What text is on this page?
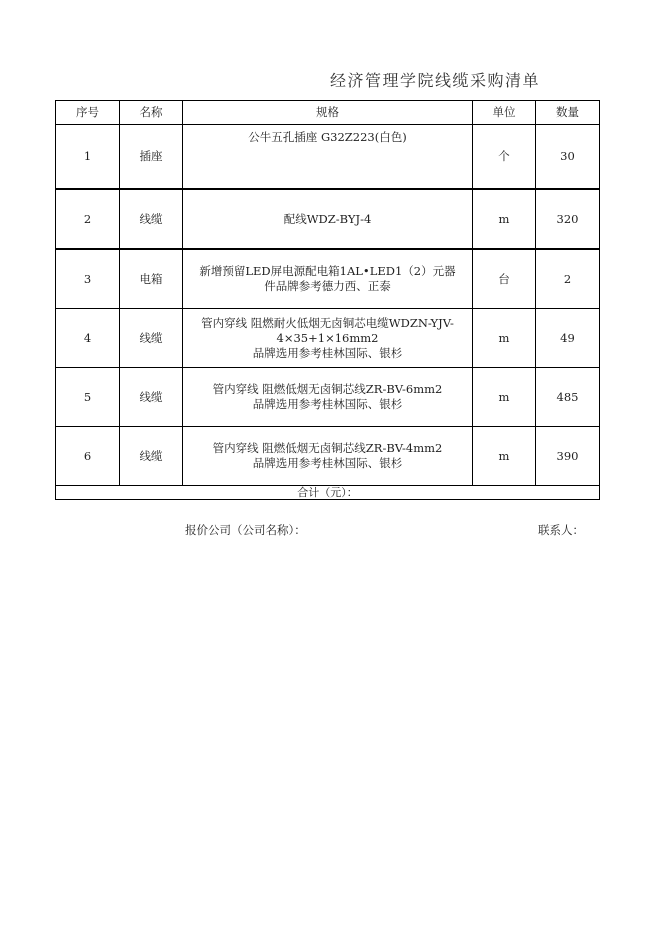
经济管理学院线缆采购清单
序号	名称	规格	单位	数量
1	插座	公牛五孔插座 G32Z223(白色)	个	30
2	线缆	配线WDZ-BYJ-4	m	320
3	电箱	新增预留LED屏电源配电箱1AL•LED1（2）元器
件品牌参考德力西、正泰	台	2
4	线缆	管内穿线 阻燃耐火低烟无卤铜芯电缆WDZN-YJV-
4×35+1×16mm2
品牌选用参考桂林国际、银杉	m	49
5	线缆	管内穿线 阻燃低烟无卤铜芯线ZR-BV-6mm2
品牌选用参考桂林国际、银杉	m	485
6	线缆	管内穿线 阻燃低烟无卤铜芯线ZR-BV-4mm2
品牌选用参考桂林国际、银杉	m	390
合计（元）：				
报价公司（公司名称）：	联系人：
